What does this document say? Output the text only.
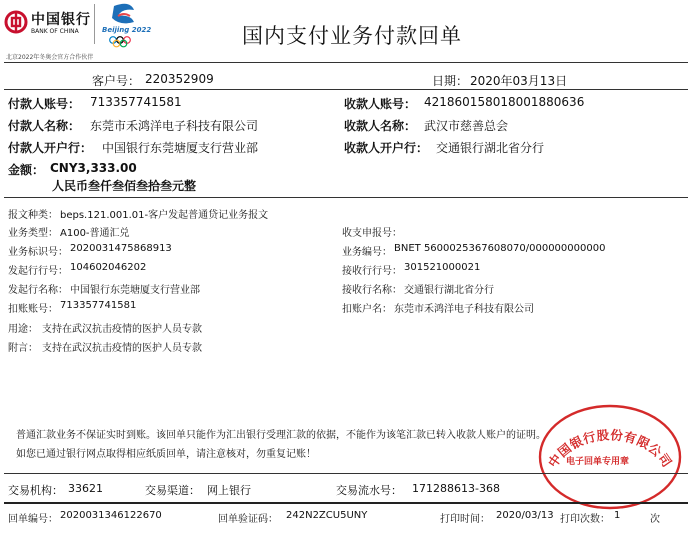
中国银行
BANK OF CHINA	Beijing 2022
北京2022年冬奥会官方合作伙伴
国内支付业务付款回单
客户号： 220352909	日期： 2020年03月13日
付款人账号： 713357741581	收款人账号： 421860158018001880636
付款人名称： 东莞市禾鸿洋电子科技有限公司	收款人名称： 武汉市慈善总会
付款人开户行： 中国银行东莞塘厦支行营业部	收款人开户行： 交通银行湖北省分行
金额： CNY3,333.00
人民币叁仟叁佰叁拾叁元整
报文种类： beps.121.001.01-客户发起普通贷记业务报文
业务类型： A100-普通汇兑	收支申报号：
业务标识号： 2020031475868913	业务编号： BNET 5600025367608070/000000000000
发起行行号： 104602046202	接收行行号： 301521000021
发起行名称： 中国银行东莞塘厦支行营业部	接收行名称： 交通银行湖北省分行
扣账账号： 713357741581	扣账户名： 东莞市禾鸿洋电子科技有限公司
用途： 支持在武汉抗击疫情的医护人员专款
附言： 支持在武汉抗击疫情的医护人员专款
普通汇款业务不保证实时到账。该回单只能作为汇出银行受理汇款的依据，不能作为该笔汇款已转入收款人账户的证明。
如您已通过银行网点取得相应纸质回单，请注意核对，勿重复记账！	中国银行股份有限公司
电子回单专用章
交易机构： 33621	交易渠道： 网上银行	交易流水号： 171288613-368
回单编号： 2020031346122670	回单验证码： 242N2ZCU5UNY	打印时间： 2020/03/13 打印次数： 1	次
